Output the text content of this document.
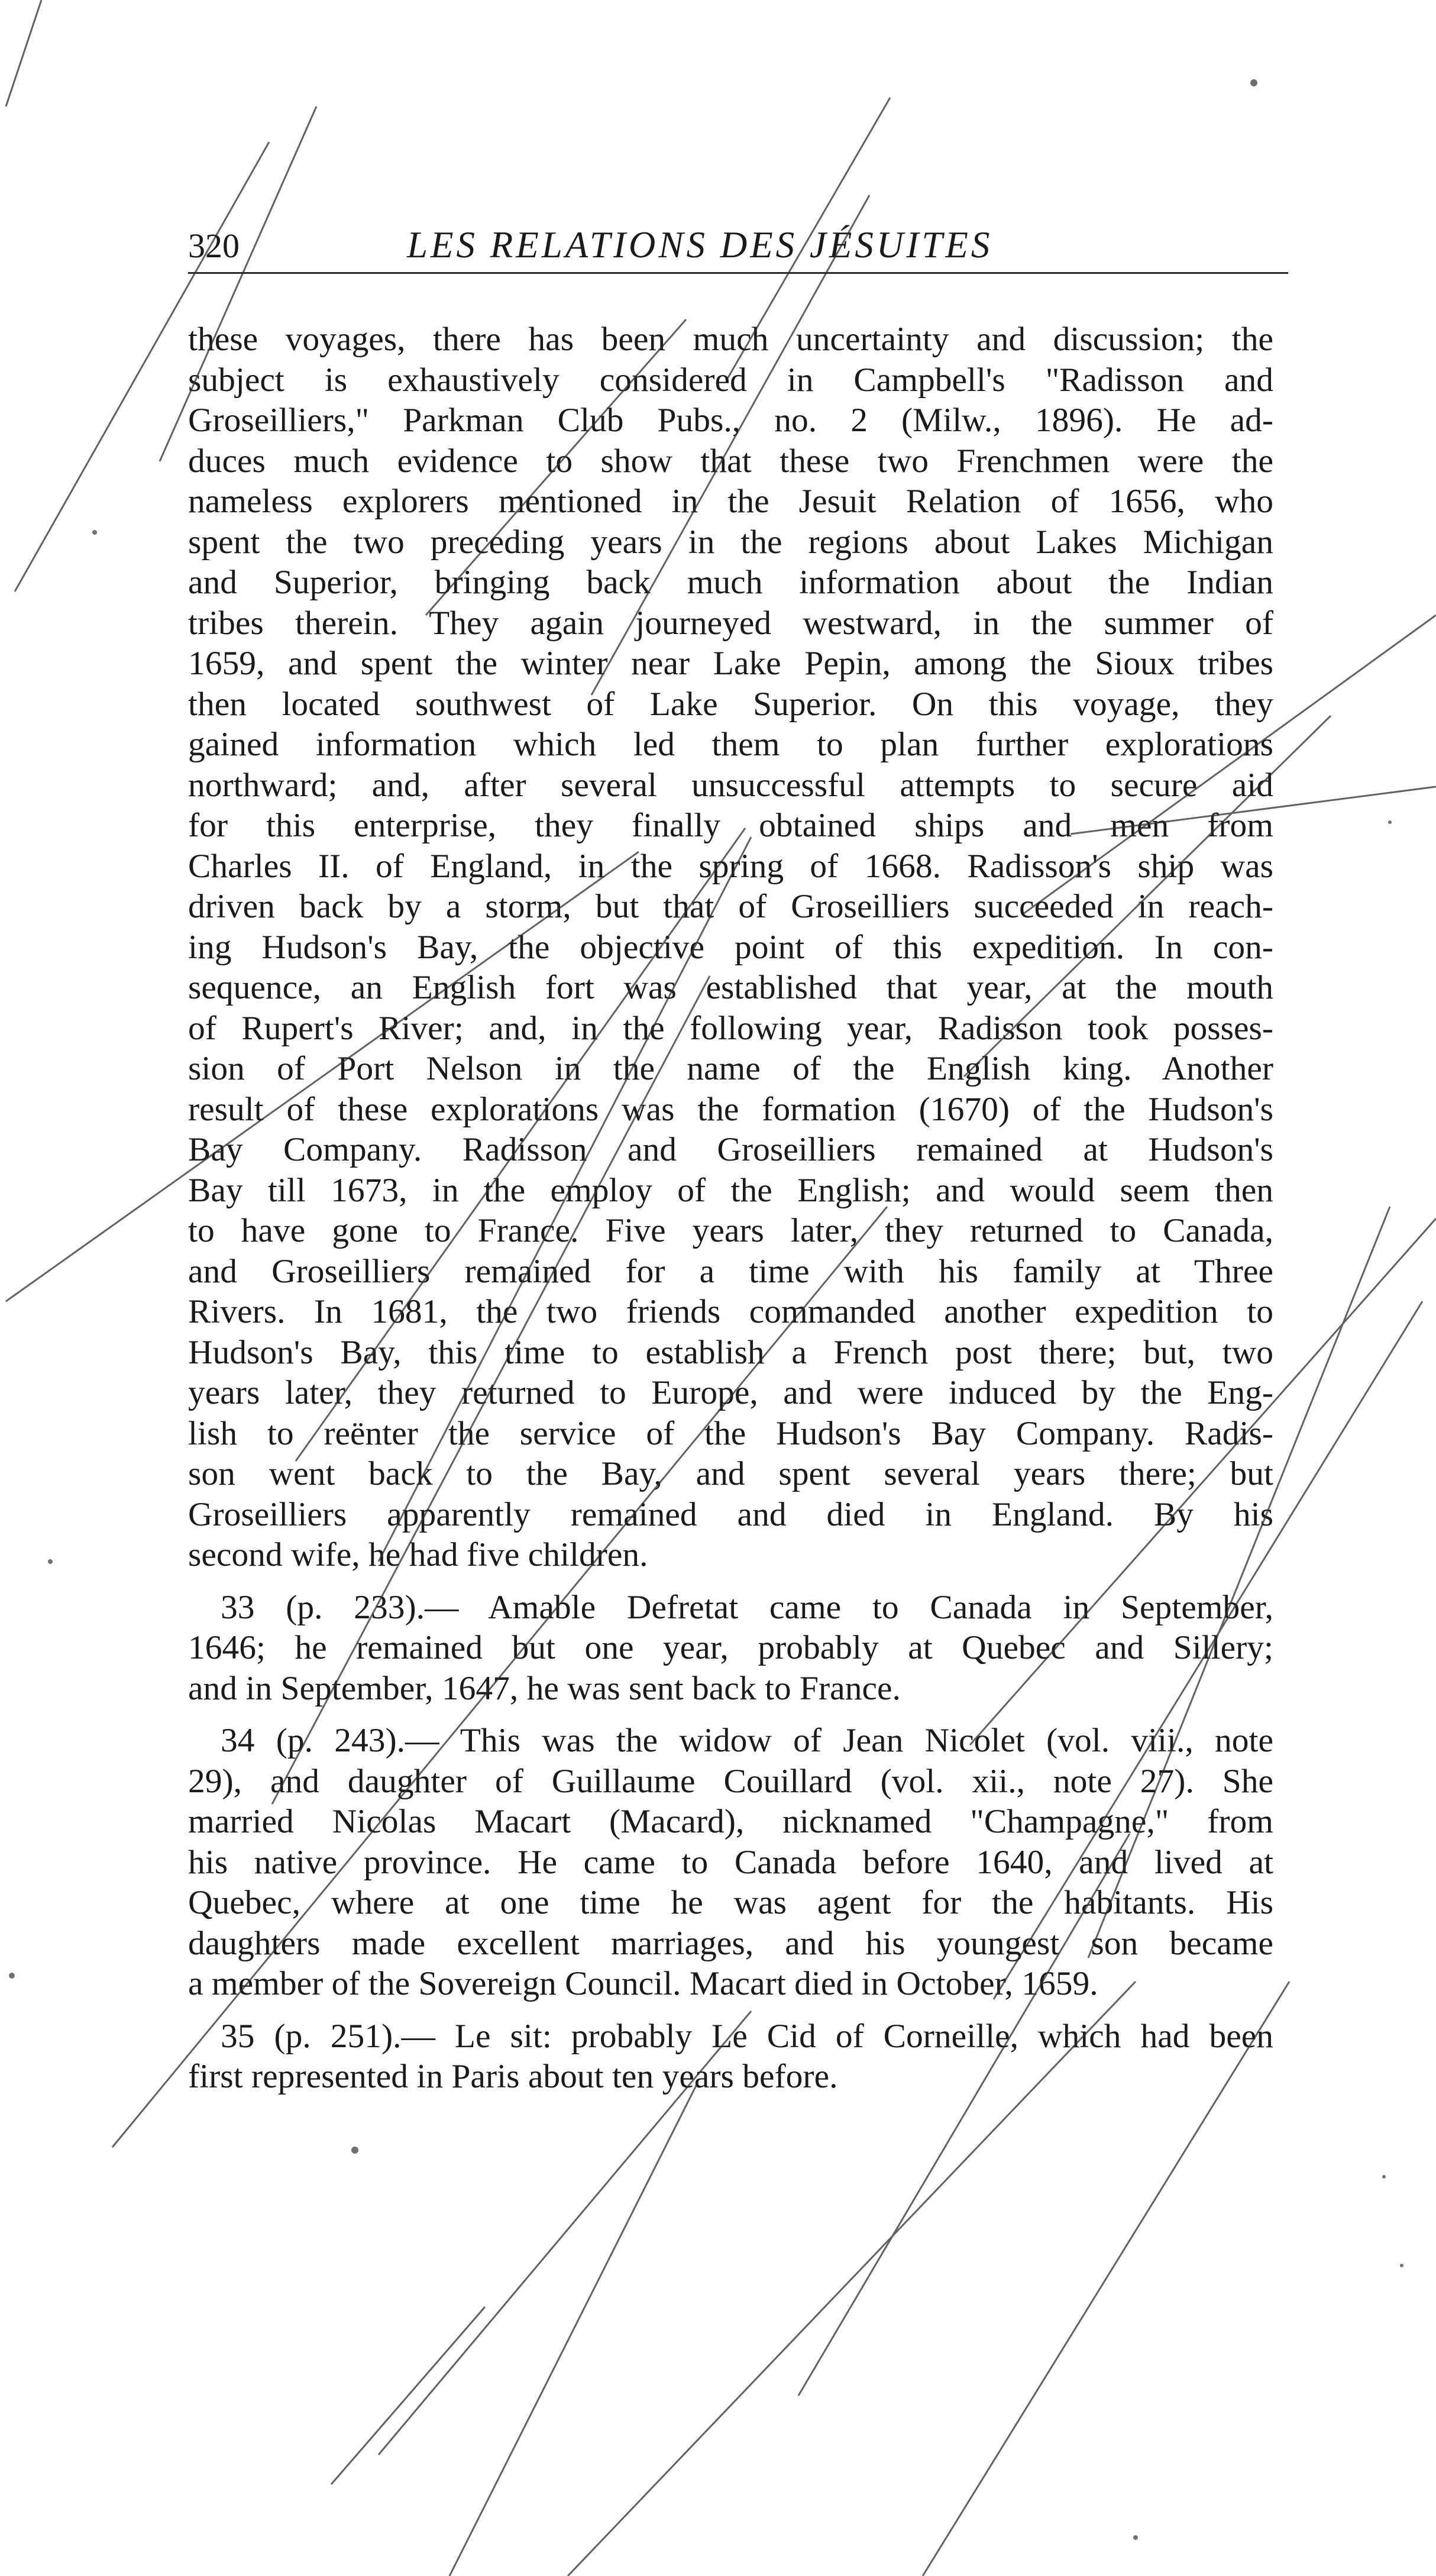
320	LES RELATIONS DES JÉSUITES
these voyages, there has been much uncertainty and discussion; the
subject is exhaustively considered in Campbell's "Radisson and
Groseilliers," Parkman Club Pubs., no. 2 (Milw., 1896). He ad-
duces much evidence to show that these two Frenchmen were the
nameless explorers mentioned in the Jesuit Relation of 1656, who
spent the two preceding years in the regions about Lakes Michigan
and Superior, bringing back much information about the Indian
tribes therein. They again journeyed westward, in the summer of
1659, and spent the winter near Lake Pepin, among the Sioux tribes
then located southwest of Lake Superior. On this voyage, they
gained information which led them to plan further explorations
northward; and, after several unsuccessful attempts to secure aid
for this enterprise, they finally obtained ships and men from
Charles II. of England, in the spring of 1668. Radisson's ship was
driven back by a storm, but that of Groseilliers succeeded in reach-
ing Hudson's Bay, the objective point of this expedition. In con-
sequence, an English fort was established that year, at the mouth
of Rupert's River; and, in the following year, Radisson took posses-
sion of Port Nelson in the name of the English king. Another
result of these explorations was the formation (1670) of the Hudson's
Bay Company. Radisson and Groseilliers remained at Hudson's
Bay till 1673, in the employ of the English; and would seem then
to have gone to France. Five years later, they returned to Canada,
and Groseilliers remained for a time with his family at Three
Rivers. In 1681, the two friends commanded another expedition to
Hudson's Bay, this time to establish a French post there; but, two
years later, they returned to Europe, and were induced by the Eng-
lish to reënter the service of the Hudson's Bay Company. Radis-
son went back to the Bay, and spent several years there; but
Groseilliers apparently remained and died in England. By his
second wife, he had five children.
33 (p. 233).— Amable Defretat came to Canada in September,
1646; he remained but one year, probably at Quebec and Sillery;
and in September, 1647, he was sent back to France.
34 (p. 243).— This was the widow of Jean Nicolet (vol. viii., note
29), and daughter of Guillaume Couillard (vol. xii., note 27). She
married Nicolas Macart (Macard), nicknamed "Champagne," from
his native province. He came to Canada before 1640, and lived at
Quebec, where at one time he was agent for the habitants. His
daughters made excellent marriages, and his youngest son became
a member of the Sovereign Council. Macart died in October, 1659.
35 (p. 251).— Le sit: probably Le Cid of Corneille, which had been
first represented in Paris about ten years before.
